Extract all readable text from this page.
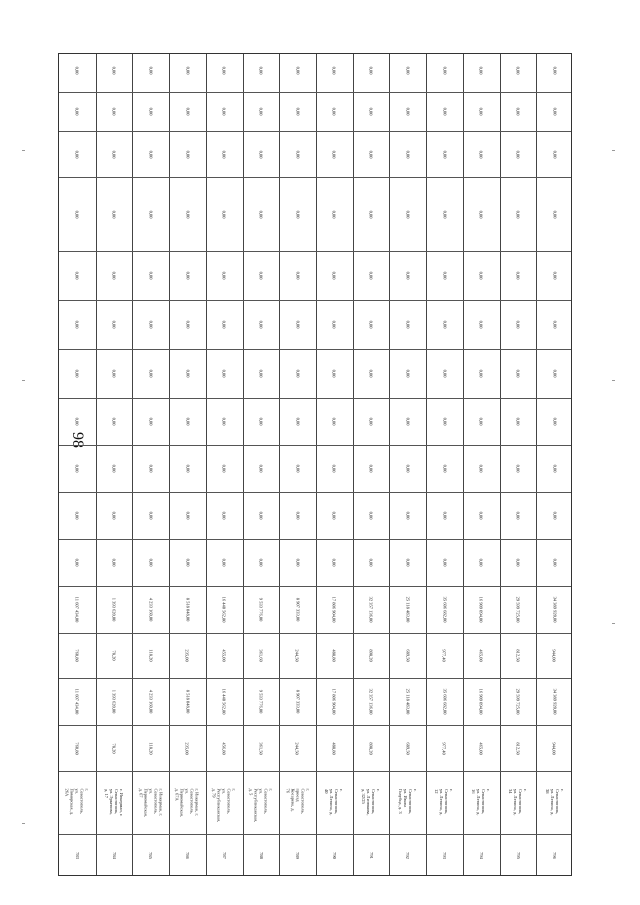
98
783
г. Севастополь, ул. Поморская, д. 26А
760,80
11 607 434,00
760,80
11 607 434,00
0,00
0,00
0,00
0,00
0,00
0,00
0,00
0,00
0,00
0,00
0,00
784
г. Инкерман, г. Севастополь, ул. Эркенова, д. 17
78,20
1 393 620,00
78,20
1 393 620,00
0,00
0,00
0,00
0,00
0,00
0,00
0,00
0,00
0,00
0,00
0,00
785
г. Инкерман, г. Севастополь, ул. Первомайская, д. 67
118,20
4 233 160,00
118,20
4 233 160,00
0,00
0,00
0,00
0,00
0,00
0,00
0,00
0,00
0,00
0,00
0,00
786
г. Инкерман, г. Севастополь, ул. Первомайская, д. 67А
235,00
8 518 048,00
235,00
8 518 048,00
0,00
0,00
0,00
0,00
0,00
0,00
0,00
0,00
0,00
0,00
0,00
787
г. Севастополь, ул. Республиканская, д. 79
456,80
16 440 562,80
455,00
16 440 562,80
0,00
0,00
0,00
0,00
0,00
0,00
0,00
0,00
0,00
0,00
0,00
788
г. Севастополь, ул. Республиканская, д. 5
361,50
9 533 776,00
361,60
9 533 776,00
0,00
0,00
0,00
0,00
0,00
0,00
0,00
0,00
0,00
0,00
0,00
789
г. Севастополь, проезд Косарева, д. 76
244,50
8 907 333,00
244,50
8 907 333,00
0,00
0,00
0,00
0,00
0,00
0,00
0,00
0,00
0,00
0,00
0,00
790
г. Севастополь, ул. Ленина, д. 40
488,80
17 806 904,00
488,80
17 806 904,00
0,00
0,00
0,00
0,00
0,00
0,00
0,00
0,00
0,00
0,00
0,00
791
г. Севастополь, ул. Лизюкова, д. 32/25
898,20
32 357 136,00
898,20
32 357 136,00
0,00
0,00
0,00
0,00
0,00
0,00
0,00
0,00
0,00
0,00
0,00
792
г. Севастополь, ул. Ивана Голубца, д. 3
689,50
25 118 483,00
689,50
25 118 483,00
0,00
0,00
0,00
0,00
0,00
0,00
0,00
0,00
0,00
0,00
0,00
793
г. Севастополь, ул. Ленина, д. 12
977,40
35 606 682,00
977,40
35 606 682,00
0,00
0,00
0,00
0,00
0,00
0,00
0,00
0,00
0,00
0,00
0,00
794
г. Севастополь, ул. Ленина, д. 16
465,00
16 909 094,00
465,00
16 909 094,00
0,00
0,00
0,00
0,00
0,00
0,00
0,00
0,00
0,00
0,00
0,00
795
г. Севастополь, ул. Ленина, д. 34
812,50
29 599 725,00
812,50
29 599 725,00
0,00
0,00
0,00
0,00
0,00
0,00
0,00
0,00
0,00
0,00
0,00
796
г. Севастополь, ул. Ленина, д. 38
944,00
34 389 920,00
944,00
34 389 920,00
0,00
0,00
0,00
0,00
0,00
0,00
0,00
0,00
0,00
0,00
0,00
